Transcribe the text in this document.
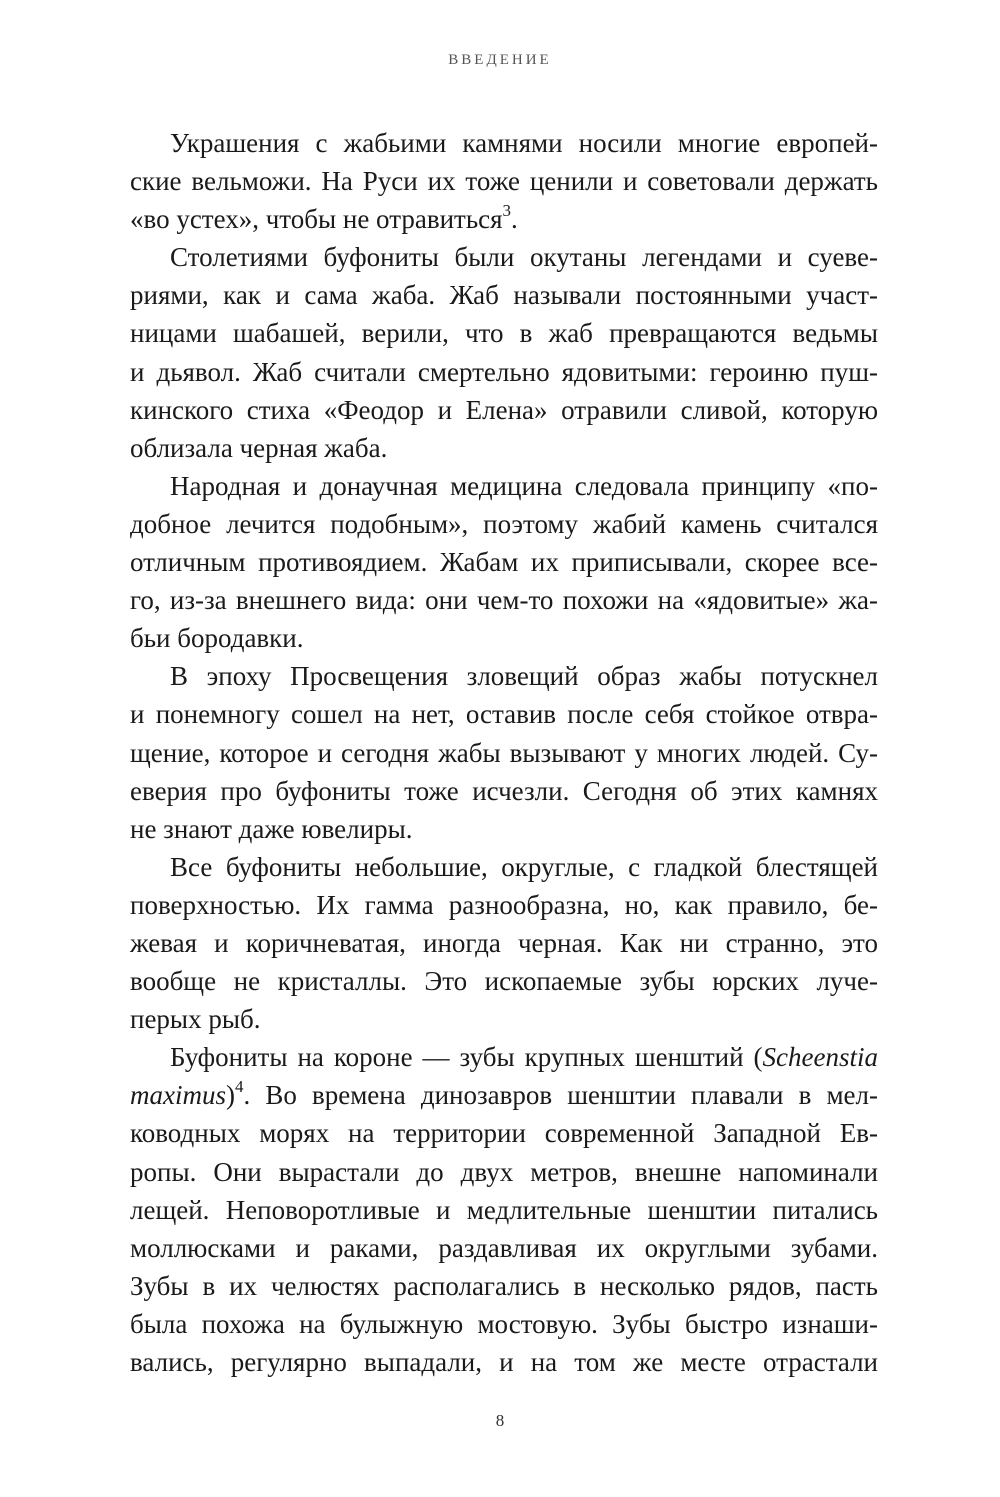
ВВЕДЕНИЕ

Украшения с жабьими камнями носили многие европей-
ские вельможи. На Руси их тоже ценили и советовали держать
«во устех», чтобы не отравиться$^3$.

Столетиями буфониты были окутаны легендами и суеве-
риями, как и сама жаба. Жаб называли постоянными участ-
ницами шабашей, верили, что в жаб превращаются ведьмы
и дьявол. Жаб считали смертельно ядовитыми: героиню пуш-
кинского стиха «Феодор и Елена» отравили сливой, которую
облизала черная жаба.

Народная и донаучная медицина следовала принципу «по-
добное лечится подобным», поэтому жабий камень считался
отличным противоядием. Жабам их приписывали, скорее все-
го, из-за внешнего вида: они чем-то похожи на «ядовитые» жа-
бьи бородавки.

В эпоху Просвещения зловещий образ жабы потускнел
и понемногу сошел на нет, оставив после себя стойкое отвра-
щение, которое и сегодня жабы вызывают у многих людей. Су-
еверия про буфониты тоже исчезли. Сегодня об этих камнях
не знают даже ювелиры.

Все буфониты небольшие, округлые, с гладкой блестящей
поверхностью. Их гамма разнообразна, но, как правило, бе-
жевая и коричневатая, иногда черная. Как ни странно, это
вообще не кристаллы. Это ископаемые зубы юрских луче-
перых рыб.

Буфониты на короне — зубы крупных шенштий (Scheenstia
maximus)$^4$. Во времена динозавров шенштии плавали в мел-
ководных морях на территории современной Западной Ев-
ропы. Они вырастали до двух метров, внешне напоминали
лещей. Неповоротливые и медлительные шенштии питались
моллюсками и раками, раздавливая их округлыми зубами.
Зубы в их челюстях располагались в несколько рядов, пасть
была похожа на булыжную мостовую. Зубы быстро изнаши-
вались, регулярно выпадали, и на том же месте отрастали

8
